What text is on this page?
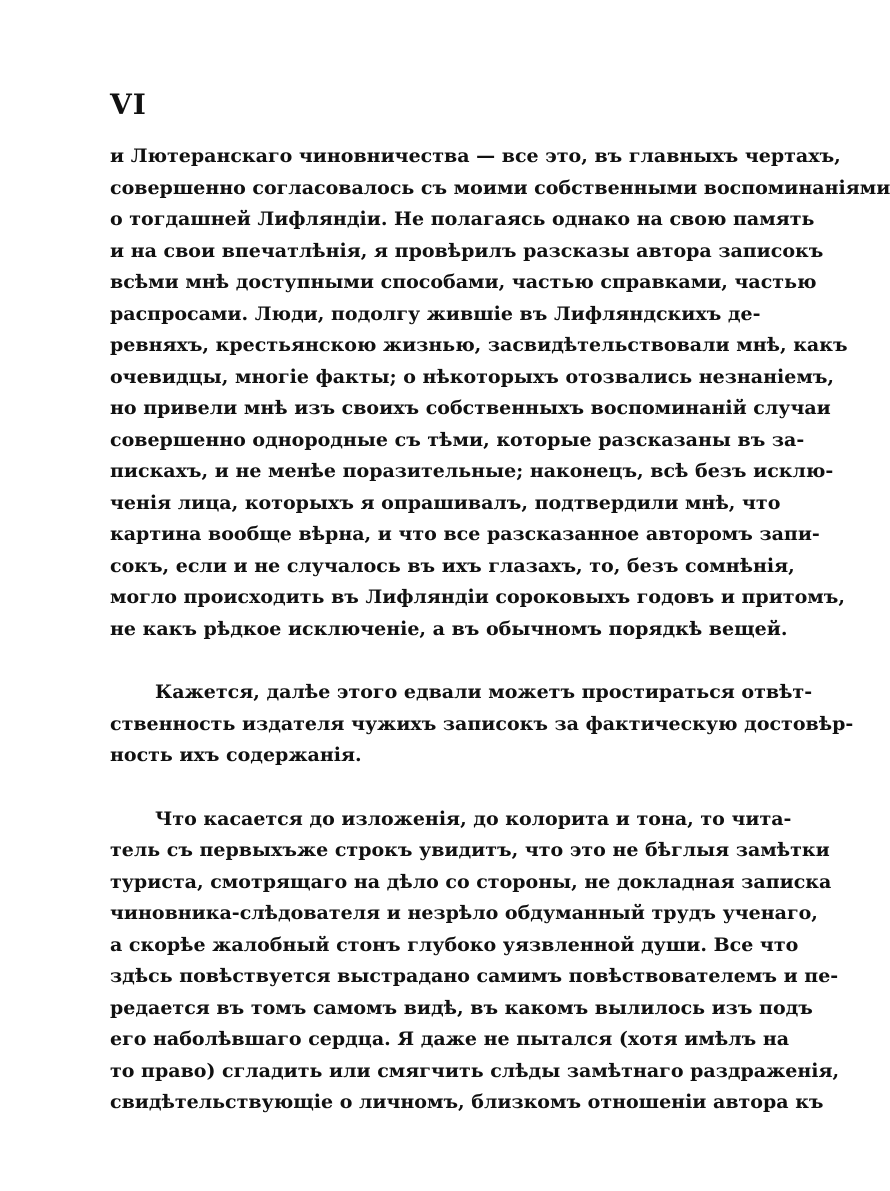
VI
и Лютеранскаго чиновничества — все это, въ главныхъ чертахъ,
совершенно согласовалось съ моими собственными воспоминаніями
о тогдашней Лифляндіи. Не полагаясь однако на свою память
и на свои впечатлѣнія, я провѣрилъ разсказы автора записокъ
всѣми мнѣ доступными способами, частью справками, частью
распросами. Люди, подолгу жившіе въ Лифляндскихъ де-
ревняхъ, крестьянскою жизнью, засвидѣтельствовали мнѣ, какъ
очевидцы, многіе факты; о нѣкоторыхъ отозвались незнаніемъ,
но привели мнѣ изъ своихъ собственныхъ воспоминаній случаи
совершенно однородные съ тѣми, которые разсказаны въ за-
пискахъ, и не менѣе поразительные; наконецъ, всѣ безъ исклю-
ченія лица, которыхъ я опрашивалъ, подтвердили мнѣ, что
картина вообще вѣрна, и что все разсказанное авторомъ запи-
сокъ, если и не случалось въ ихъ глазахъ, то, безъ сомнѣнія,
могло происходить въ Лифляндіи сороковыхъ годовъ и притомъ,
не какъ рѣдкое исключеніе, а въ обычномъ порядкѣ вещей.
Кажется, далѣе этого едвали можетъ простираться отвѣт-
ственность издателя чужихъ записокъ за фактическую достовѣр-
ность ихъ содержанія.
Что касается до изложенія, до колорита и тона, то чита-
тель съ первыхъже строкъ увидитъ, что это не бѣглыя замѣтки
туриста, смотрящаго на дѣло со стороны, не докладная записка
чиновника-слѣдователя и незрѣло обдуманный трудъ ученаго,
а скорѣе жалобный стонъ глубоко уязвленной души. Все что
здѣсь повѣствуется выстрадано самимъ повѣствователемъ и пе-
редается въ томъ самомъ видѣ, въ какомъ вылилось изъ подъ
его наболѣвшаго сердца. Я даже не пытался (хотя имѣлъ на
то право) сгладить или смягчить слѣды замѣтнаго раздраженія,
свидѣтельствующіе о личномъ, близкомъ отношеніи автора къ
